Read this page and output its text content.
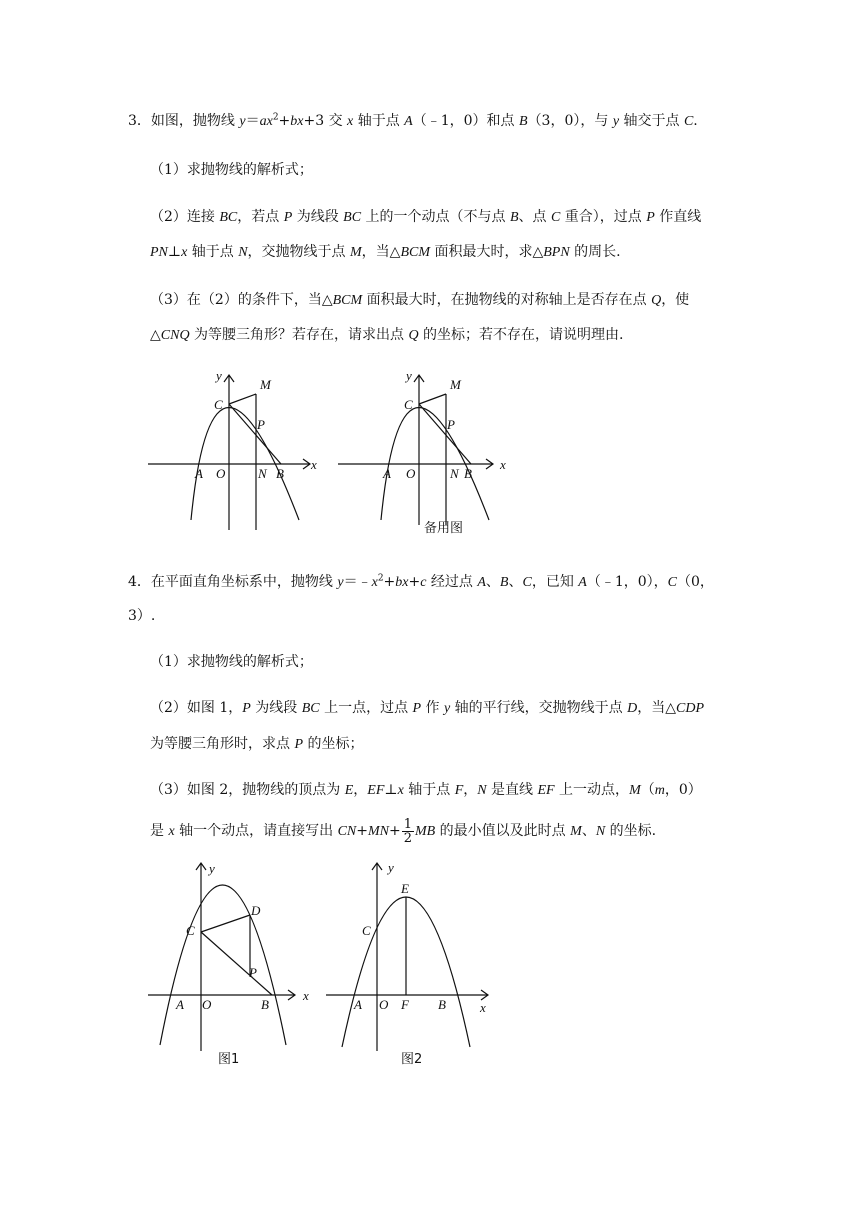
3．如图，抛物线 $y=ax^2+bx+3$ 交 x 轴于点 A（﹣1，0）和点 B（3，0），与 y 轴交于点 C.
（1）求抛物线的解析式；
（2）连接 BC，若点 P 为线段 BC 上的一个动点（不与点 B、点 C 重合），过点 P 作直线
PN⊥x 轴于点 N，交抛物线于点 M，当△BCM 面积最大时，求△BPN 的周长.
（3）在（2）的条件下，当△BCM 面积最大时，在抛物线的对称轴上是否存在点 Q，使
△CNQ 为等腰三角形？若存在，请求出点 Q 的坐标；若不存在，请说明理由.
y
M
C
P
A O	N B
x
y
M
C
P
A O	N B
x
备用图
4．在平面直角坐标系中，抛物线 $y=﹣x^2+bx+c$ 经过点 A、B、C，已知 A（﹣1，0），C（0，
3）.
（1）求抛物线的解析式；
（2）如图 1，P 为线段 BC 上一点，过点 P 作 y 轴的平行线，交抛物线于点 D，当△CDP
为等腰三角形时，求点 P 的坐标；
（3）如图 2，抛物线的顶点为 E，EF⊥x 轴于点 F，N 是直线 EF 上一动点，M（m，0）
是 x 轴一个动点，请直接写出 $CN+MN+ \frac{1}{2}$ MB 的最小值以及此时点 M、N 的坐标.
y
D
C
P
A O	B
x
图1
y
E
C
A O F B	x
图2
